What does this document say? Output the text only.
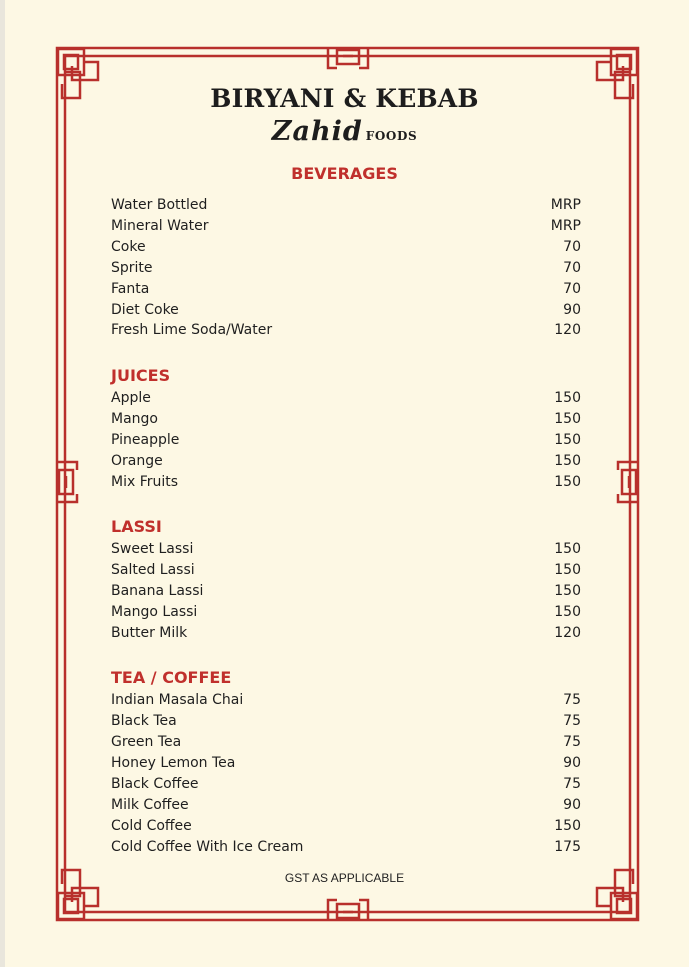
BIRYANI & KEBAB
Zahid FOODS
BEVERAGES
Water Bottled	MRP
Mineral Water	MRP
Coke	70
Sprite	70
Fanta	70
Diet Coke	90
Fresh Lime Soda/Water	120
JUICES
Apple	150
Mango	150
Pineapple	150
Orange	150
Mix Fruits	150
LASSI
Sweet Lassi	150
Salted Lassi	150
Banana Lassi	150
Mango Lassi	150
Butter Milk	120
TEA / COFFEE
Indian Masala Chai	75
Black Tea	75
Green Tea	75
Honey Lemon Tea	90
Black Coffee	75
Milk Coffee	90
Cold Coffee	150
Cold Coffee With Ice Cream	175
GST AS APPLICABLE
